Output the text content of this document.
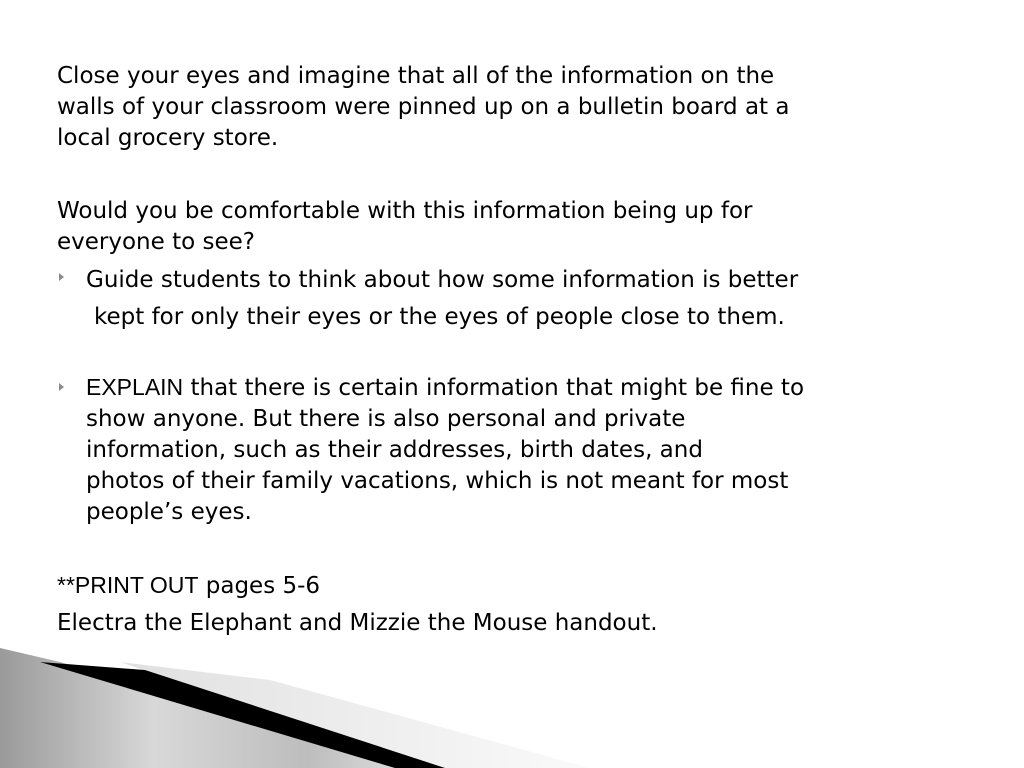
Close your eyes and imagine that all of the information on the
walls of your classroom were pinned up on a bulletin board at a
local grocery store.
Would you be comfortable with this information being up for
everyone to see?
Guide students to think about how some information is better
kept for only their eyes or the eyes of people close to them.
EXPLAIN that there is certain information that might be fine to
show anyone. But there is also personal and private
information, such as their addresses, birth dates, and
photos of their family vacations, which is not meant for most
people’s eyes.
**PRINT OUT pages 5-6
Electra the Elephant and Mizzie the Mouse handout.
